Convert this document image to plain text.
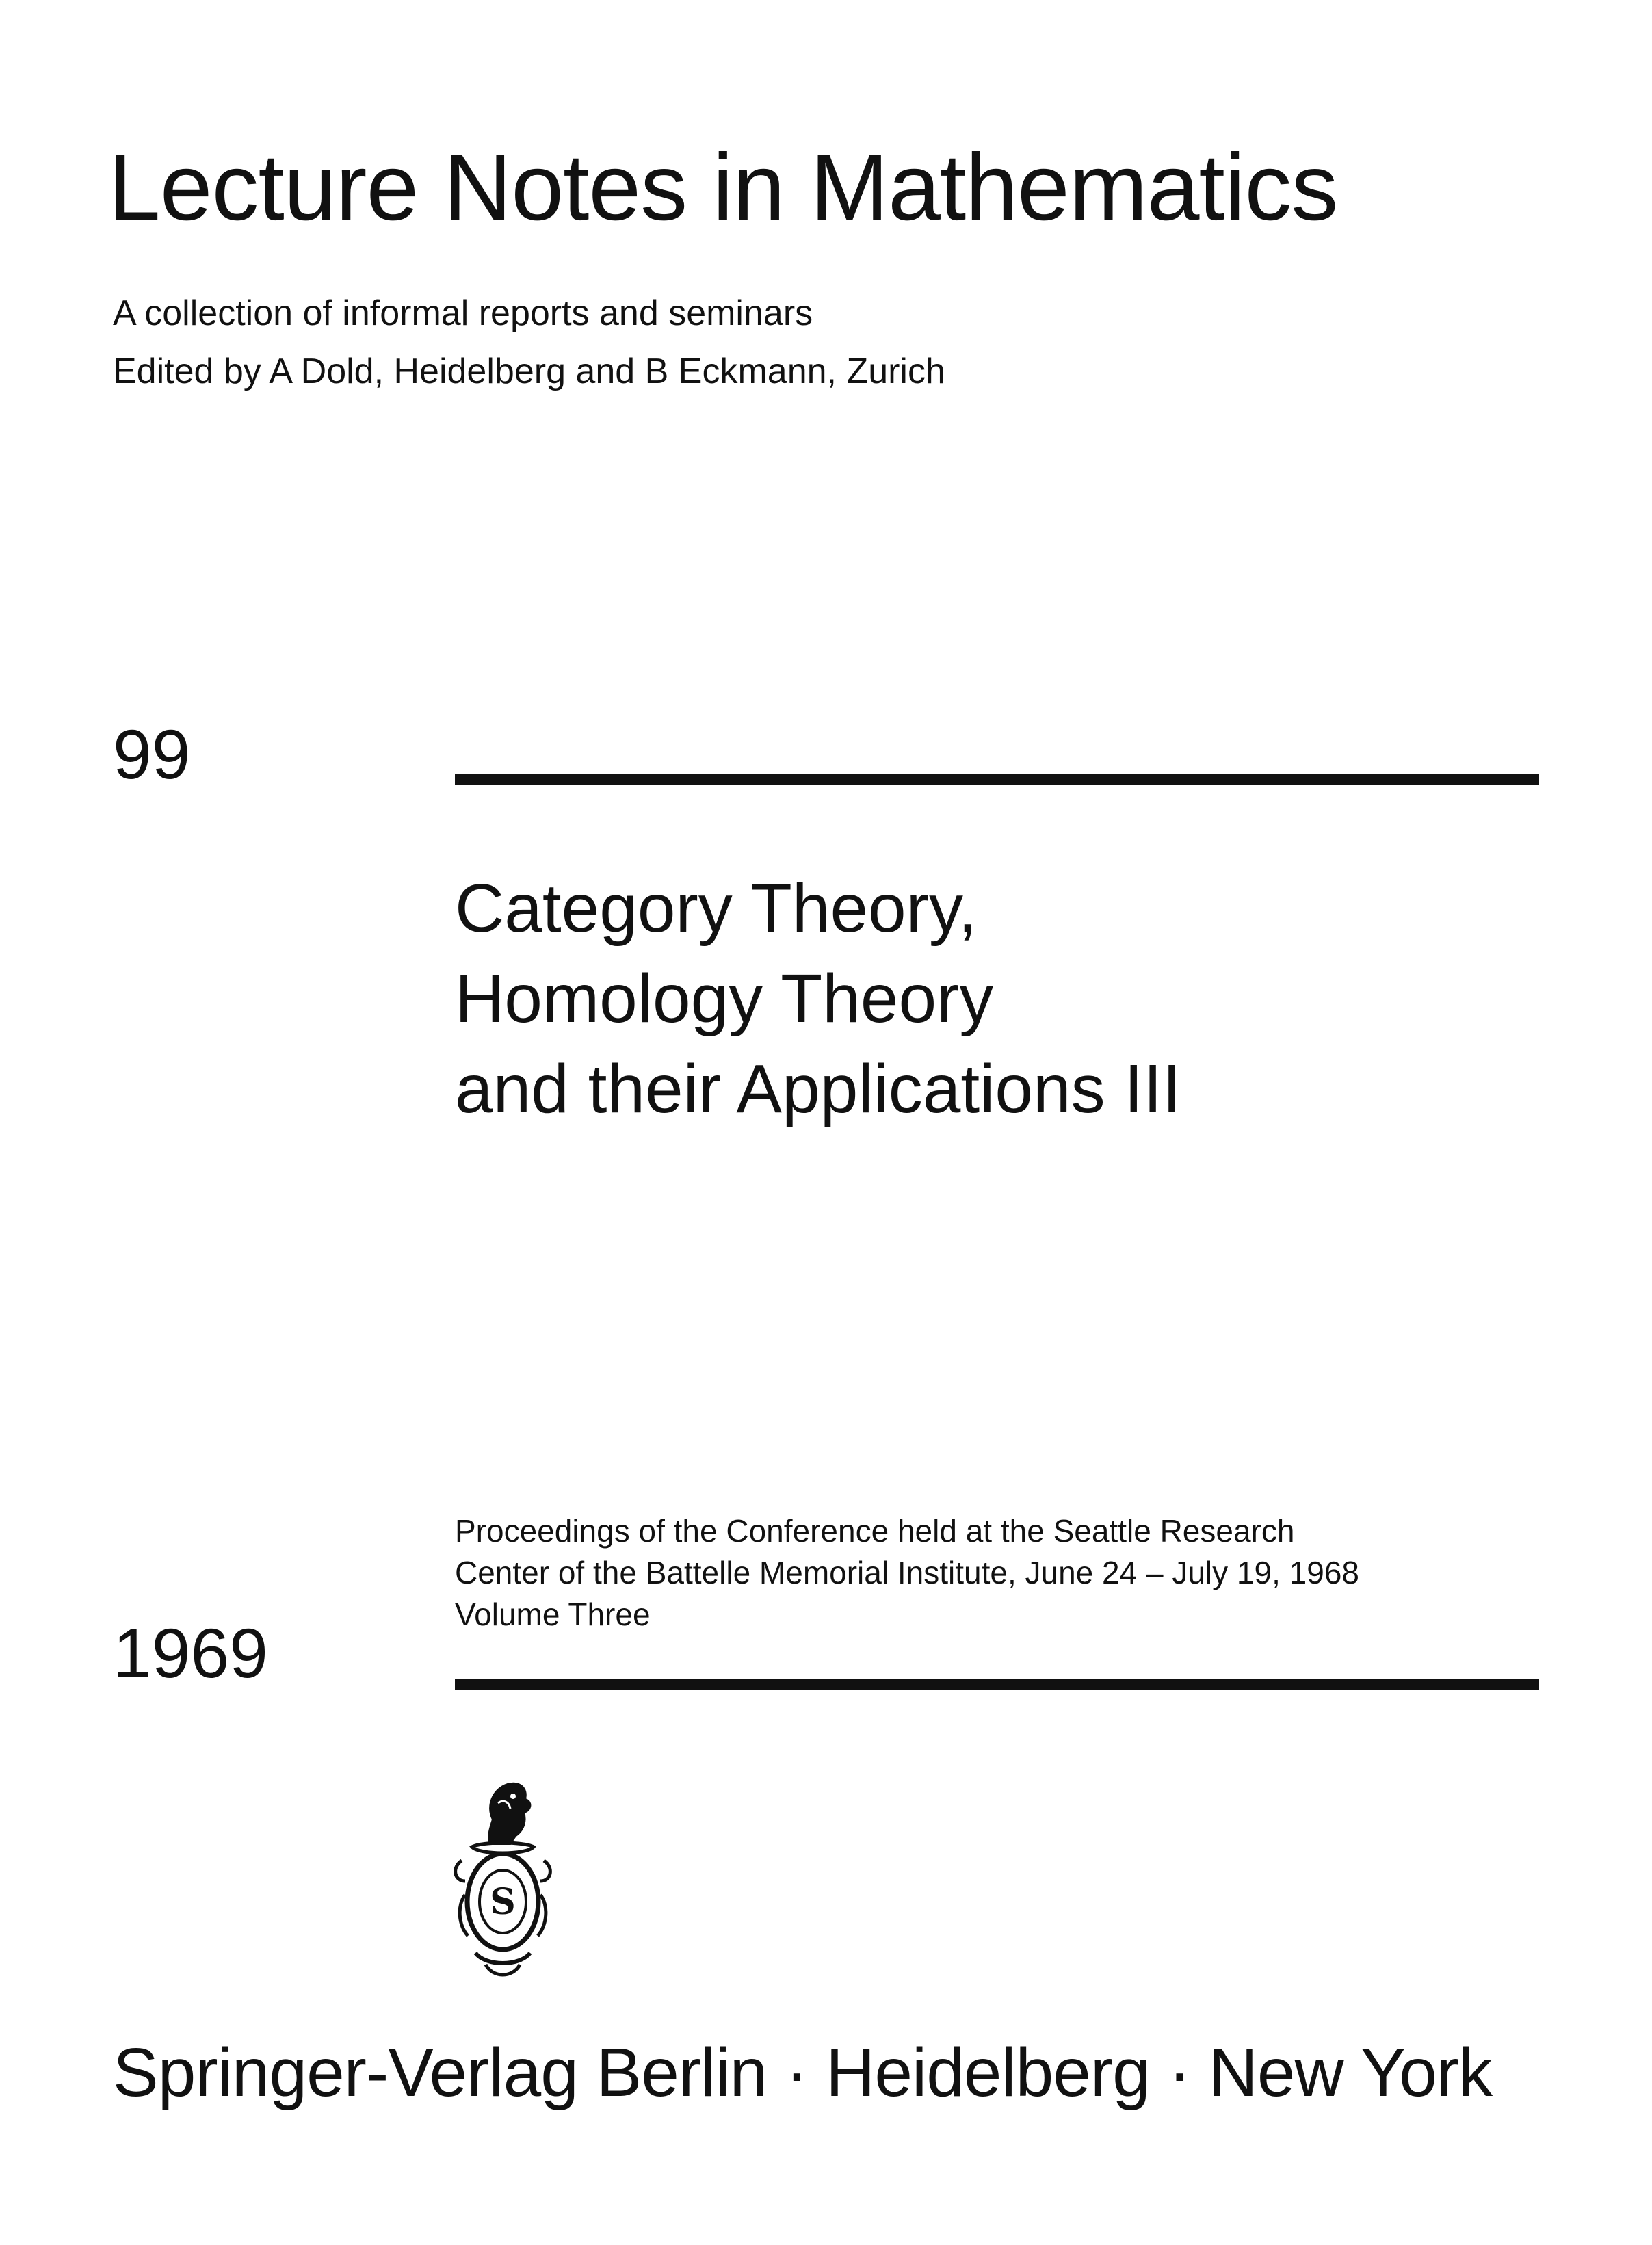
Lecture Notes in Mathematics
A collection of informal reports and seminars
Edited by A Dold, Heidelberg and B Eckmann, Zurich
99
Category Theory,
Homology Theory
and their Applications III
Proceedings of the Conference held at the Seattle Research
Center of the Battelle Memorial Institute, June 24 – July 19, 1968
Volume Three
1969
S
Springer-Verlag Berlin · Heidelberg · New York
